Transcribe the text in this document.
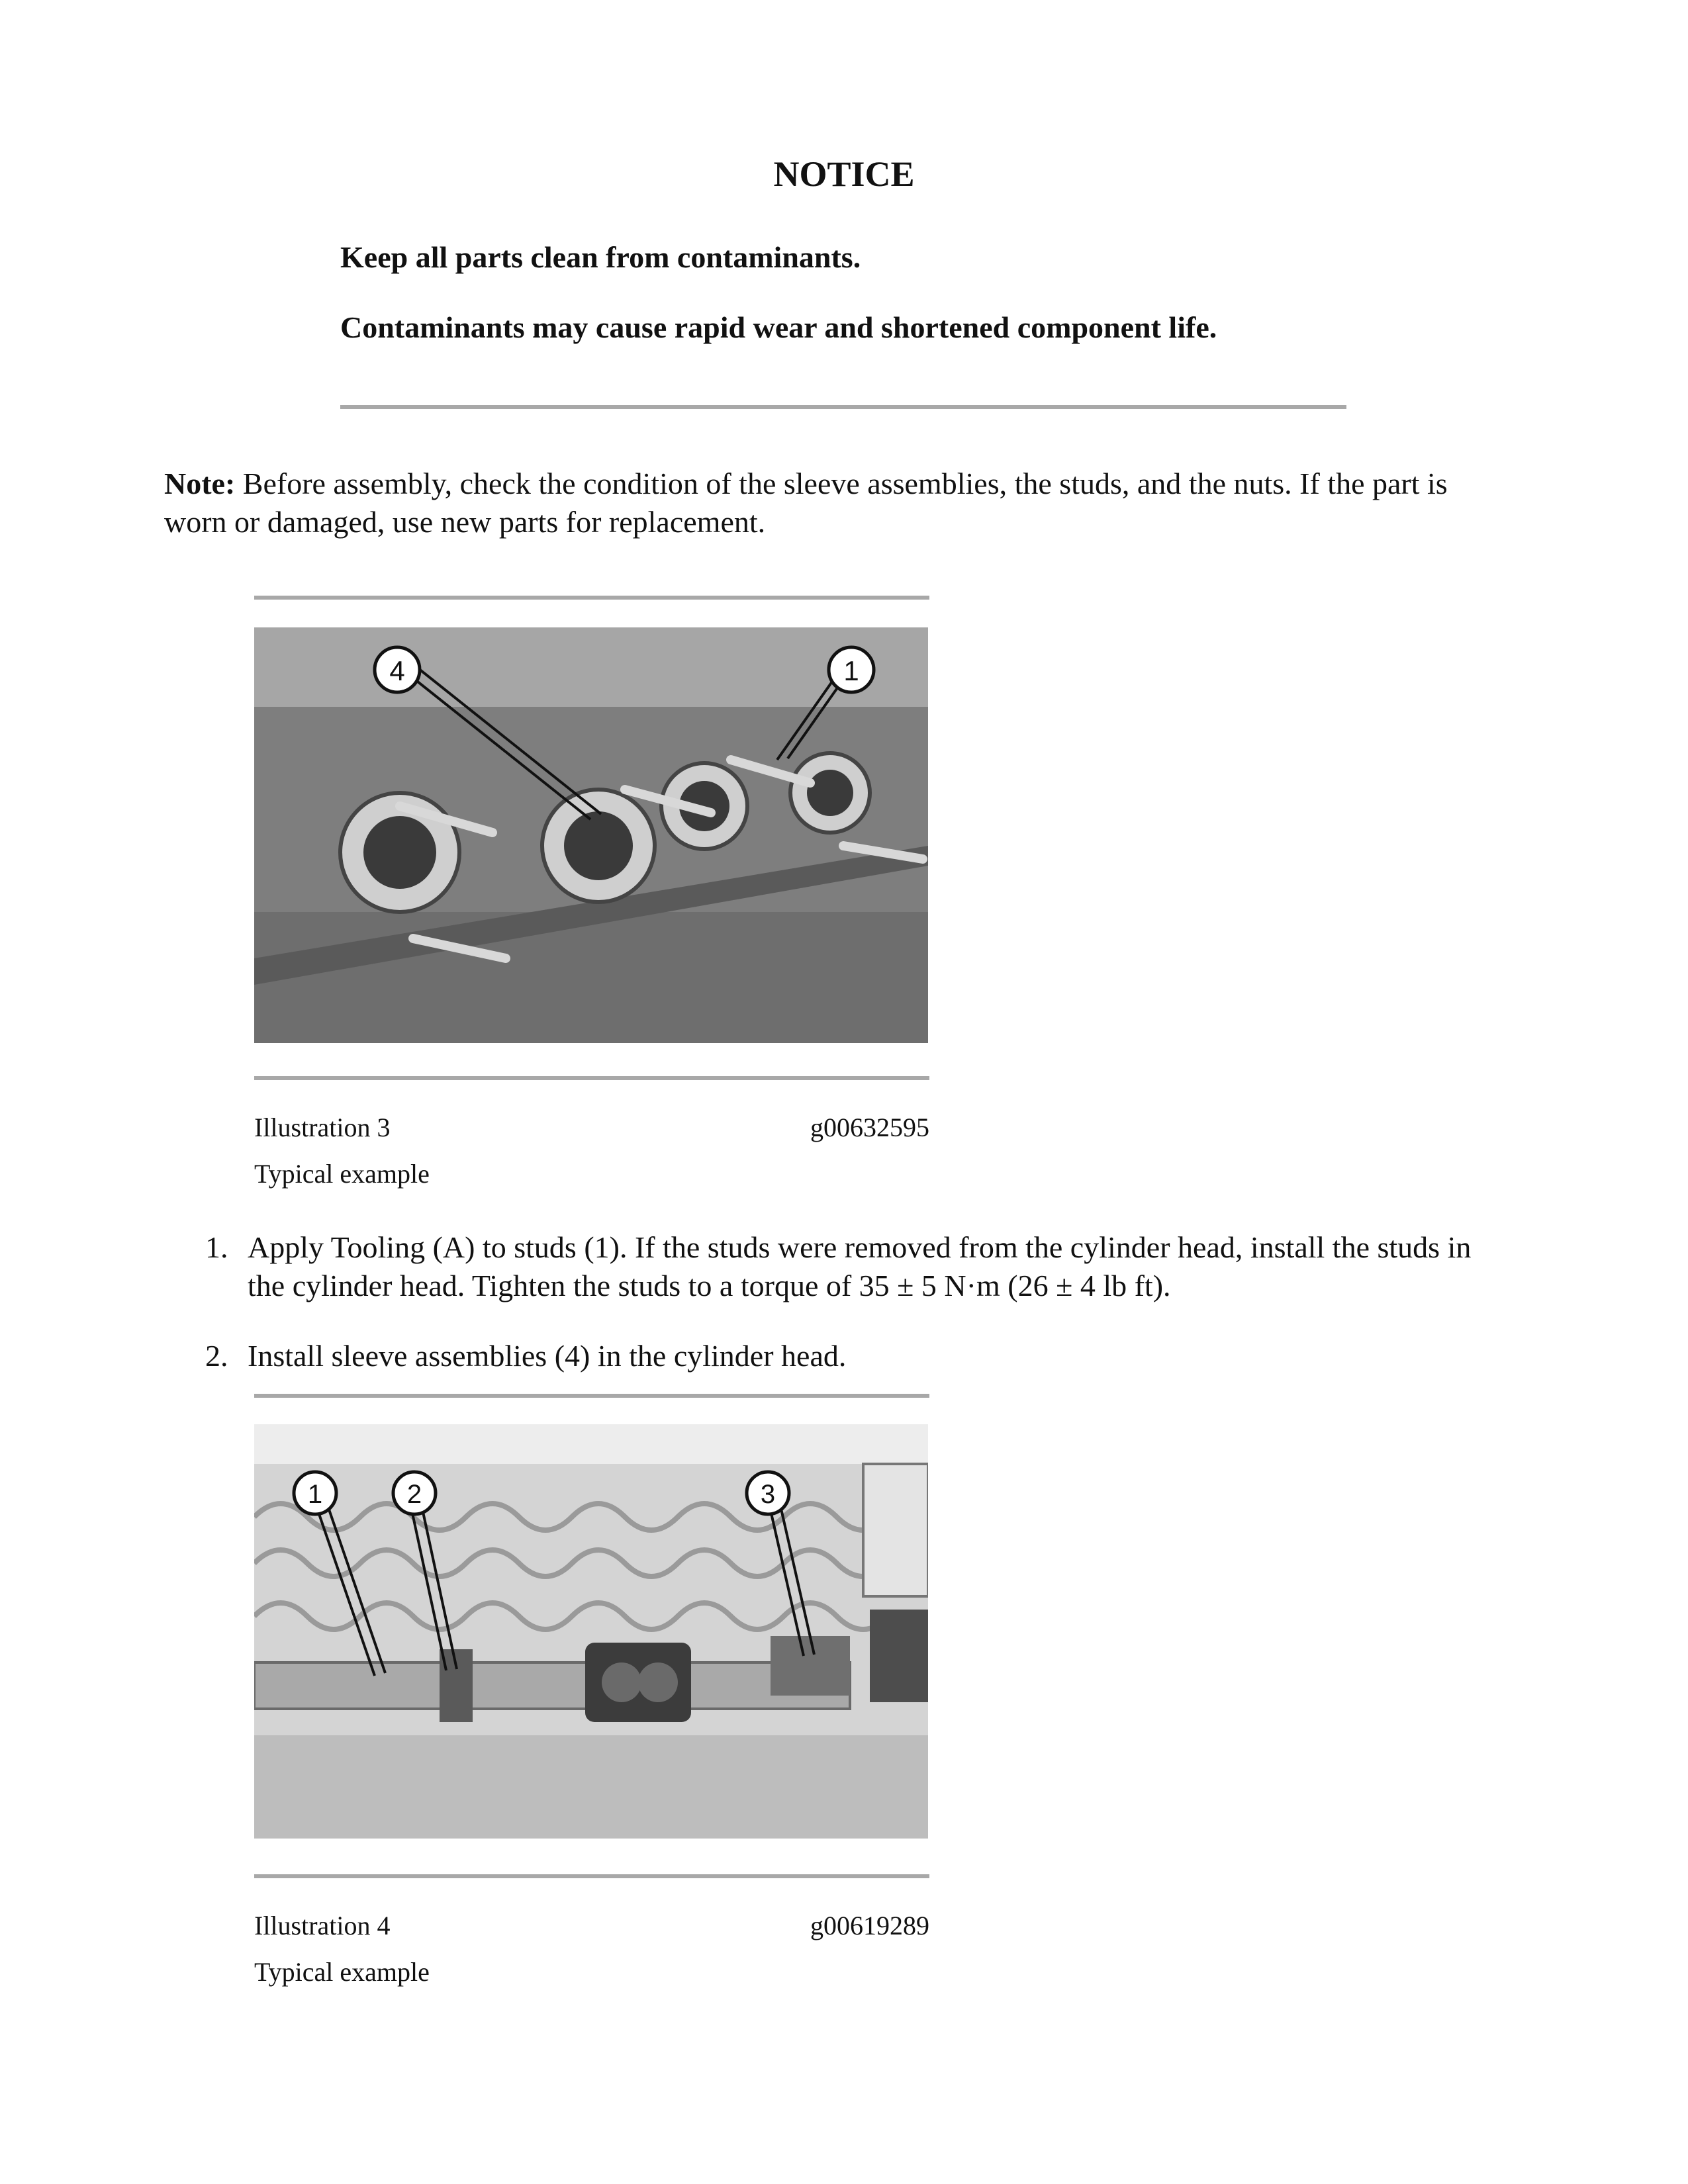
NOTICE
Keep all parts clean from contaminants.
Contaminants may cause rapid wear and shortened component life.
Note: Before assembly, check the condition of the sleeve assemblies, the studs, and the nuts. If the part is worn or damaged, use new parts for replacement.
4	1
Illustration 3	g00632595
Typical example
1. Apply Tooling (A) to studs (1). If the studs were removed from the cylinder head, install the studs in the cylinder head. Tighten the studs to a torque of 35 ± 5 N·m (26 ± 4 lb ft).
2. Install sleeve assemblies (4) in the cylinder head.
1	2	3
Illustration 4	g00619289
Typical example
